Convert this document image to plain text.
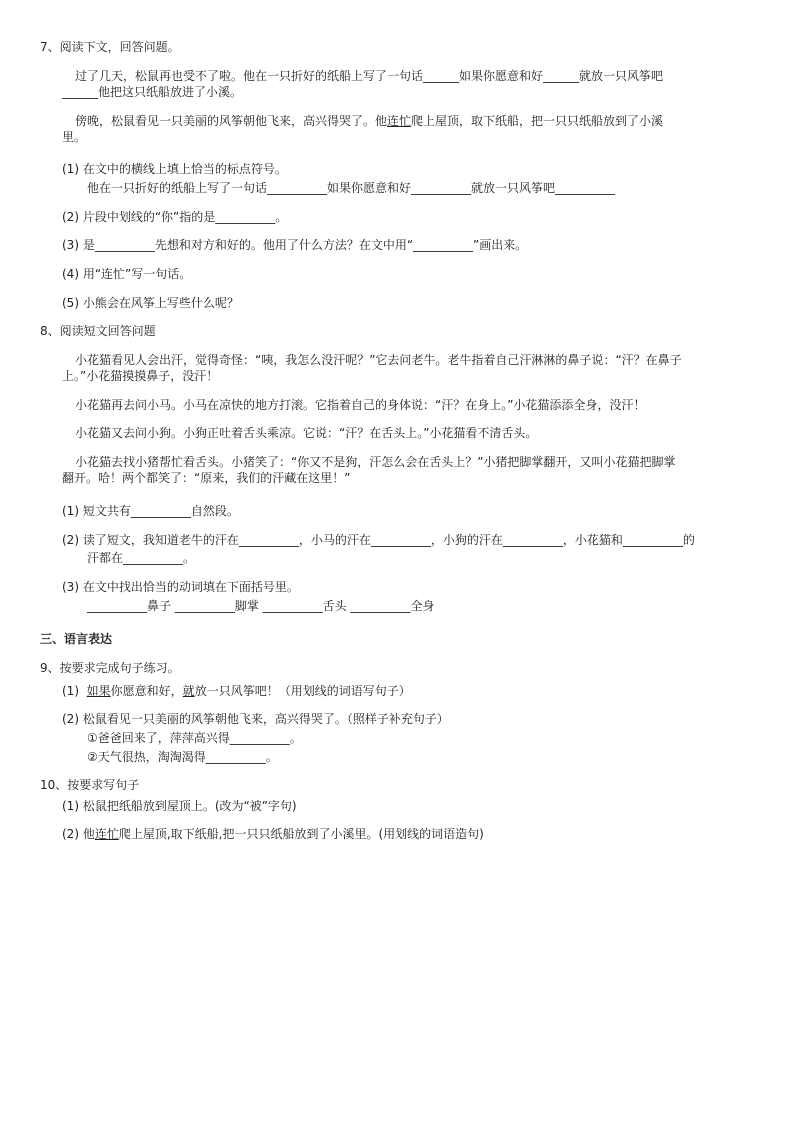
7、阅读下文，回答问题。
过了几天，松鼠再也受不了啦。他在一只折好的纸船上写了一句话______如果你愿意和好______就放一只风筝吧
______他把这只纸船放进了小溪。
傍晚，松鼠看见一只美丽的风筝朝他飞来，高兴得哭了。他连忙爬上屋顶，取下纸船，把一只只纸船放到了小溪
里。
(1) 在文中的横线上填上恰当的标点符号。
他在一只折好的纸船上写了一句话__________如果你愿意和好__________就放一只风筝吧__________
(2) 片段中划线的“你”指的是__________。
(3) 是__________先想和对方和好的。他用了什么方法？在文中用“__________”画出来。
(4) 用“连忙”写一句话。
(5) 小熊会在风筝上写些什么呢？
8、阅读短文回答问题
小花猫看见人会出汗，觉得奇怪：“咦，我怎么没汗呢？”它去问老牛。老牛指着自己汗淋淋的鼻子说：“汗？在鼻子
上。”小花猫摸摸鼻子，没汗！
小花猫再去问小马。小马在凉快的地方打滚。它指着自己的身体说：“汗？在身上。”小花猫添添全身，没汗！
小花猫又去问小狗。小狗正吐着舌头乘凉。它说：“汗？在舌头上。”小花猫看不清舌头。
小花猫去找小猪帮忙看舌头。小猪笑了：“你又不是狗，汗怎么会在舌头上？”小猪把脚掌翻开，又叫小花猫把脚掌
翻开。哈！两个都笑了：“原来，我们的汗藏在这里！”
(1) 短文共有__________自然段。
(2) 读了短文，我知道老牛的汗在__________，小马的汗在__________，小狗的汗在__________，小花猫和__________的
汗都在__________。
(3) 在文中找出恰当的动词填在下面括号里。
__________鼻子 __________脚掌 __________舌头 __________全身
三、语言表达
9、按要求完成句子练习。
(1) 如果你愿意和好，就放一只风筝吧！（用划线的词语写句子）
(2) 松鼠看见一只美丽的风筝朝他飞来，高兴得哭了。（照样子补充句子）
①爸爸回来了，萍萍高兴得__________。
②天气很热，淘淘渴得__________。
10、按要求写句子
(1) 松鼠把纸船放到屋顶上。(改为“被”字句)
(2) 他连忙爬上屋顶,取下纸船,把一只只纸船放到了小溪里。(用划线的词语造句)
